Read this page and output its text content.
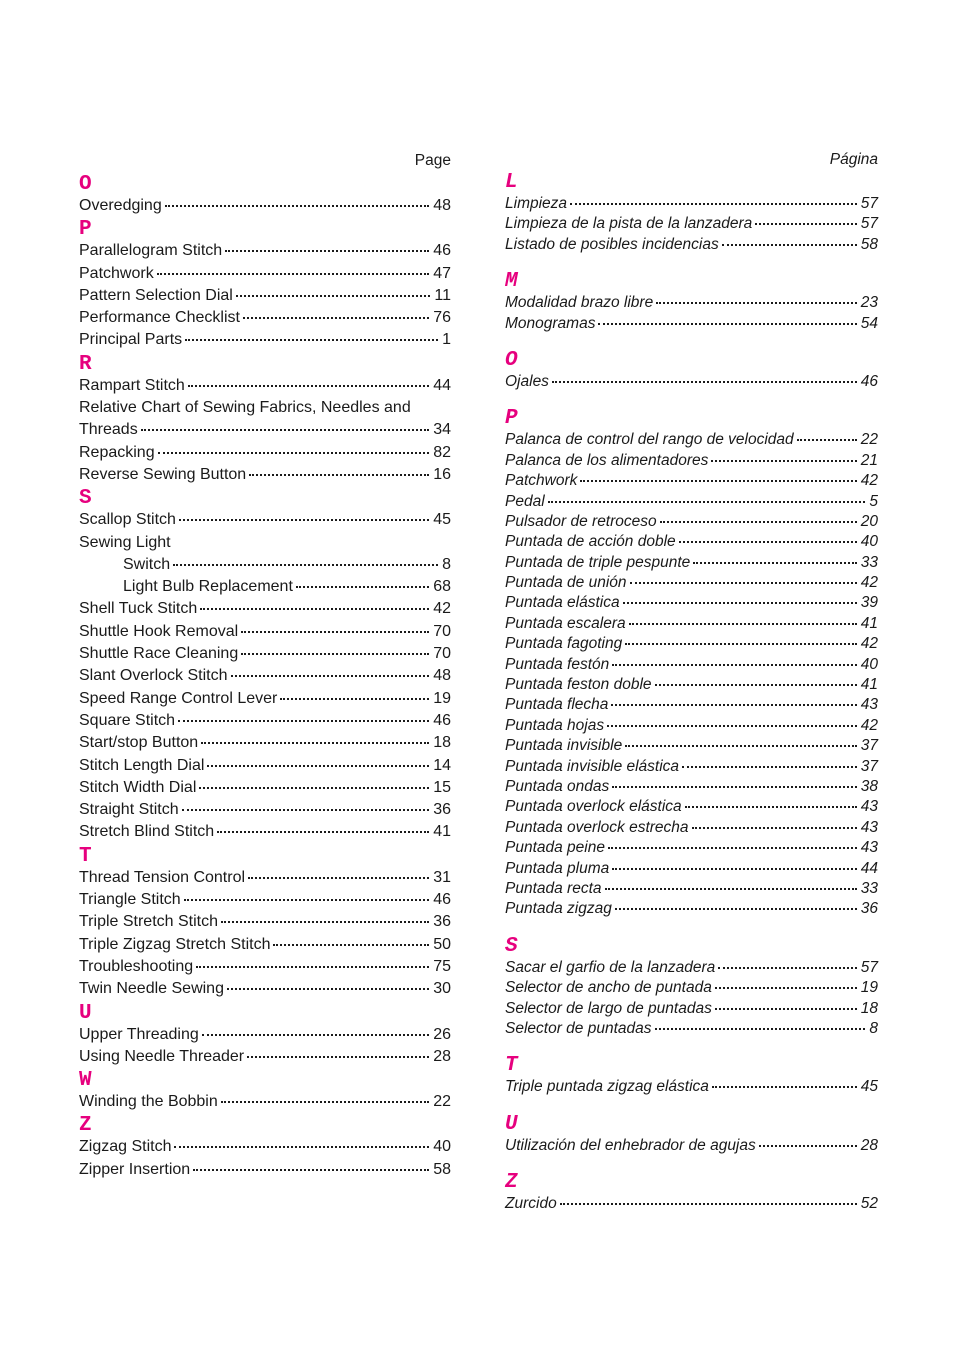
Page
O
Overedging	48
P
Parallelogram Stitch	46
Patchwork	47
Pattern Selection Dial	11
Performance Checklist	76
Principal Parts	1
R
Rampart Stitch	44
Relative Chart of Sewing Fabrics, Needles and
Threads	34
Repacking	82
Reverse Sewing Button	16
S
Scallop Stitch	45
Sewing Light
Switch	8
Light Bulb Replacement	68
Shell Tuck Stitch	42
Shuttle Hook Removal	70
Shuttle Race Cleaning	70
Slant Overlock Stitch	48
Speed Range Control Lever	19
Square Stitch	46
Start/stop Button	18
Stitch Length Dial	14
Stitch Width Dial	15
Straight Stitch	36
Stretch Blind Stitch	41
T
Thread Tension Control	31
Triangle Stitch	46
Triple Stretch Stitch	36
Triple Zigzag Stretch Stitch	50
Troubleshooting	75
Twin Needle Sewing	30
U
Upper Threading	26
Using Needle Threader	28
W
Winding the Bobbin	22
Z
Zigzag Stitch	40
Zipper Insertion	58
Página
L
Limpieza	57
Limpieza de la pista de la lanzadera	57
Listado de posibles incidencias	58
M
Modalidad brazo libre	23
Monogramas	54
O
Ojales	46
P
Palanca de control del rango de velocidad	22
Palanca de los alimentadores	21
Patchwork	42
Pedal	5
Pulsador de retroceso	20
Puntada de acción doble	40
Puntada de triple pespunte	33
Puntada de unión	42
Puntada elástica	39
Puntada escalera	41
Puntada fagoting	42
Puntada festón	40
Puntada feston doble	41
Puntada flecha	43
Puntada hojas	42
Puntada invisible	37
Puntada invisible elástica	37
Puntada ondas	38
Puntada overlock elástica	43
Puntada overlock estrecha	43
Puntada peine	43
Puntada pluma	44
Puntada recta	33
Puntada zigzag	36
S
Sacar el garfio de la lanzadera	57
Selector de ancho de puntada	19
Selector de largo de puntadas	18
Selector de puntadas	8
T
Triple puntada zigzag elástica	45
U
Utilización del enhebrador de agujas	28
Z
Zurcido	52
